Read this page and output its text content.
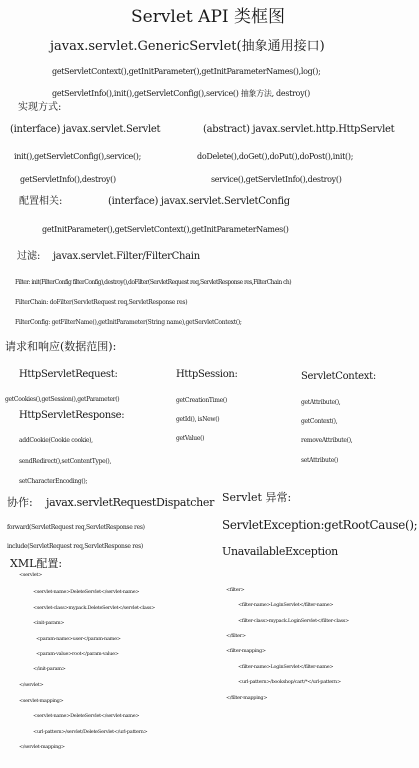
Servlet API 类框图
javax.servlet.GenericServlet(抽象通用接口)
getServletContext(),getInitParameter(),getInitParameterNames(),log();
getServletInfo(),init(),getServletConfig(),service() 抽象方法, destroy()
实现方式:
(interface) javax.servlet.Servlet	(abstract) javax.servlet.http.HttpServlet
init(),getServletConfig(),service();	doDelete(),doGet(),doPut(),doPost(),init();
getServletInfo(),destroy()	service(),getServletInfo(),destroy()
配置相关:	(interface) javax.servlet.ServletConfig
getInitParameter(),getServletContext(),getInitParameterNames()
过滤: javax.servlet.Filter/FilterChain
Filter: init(FilterConfig filterConfig),destroy(),doFilter(ServletRequest req,ServletResponse res,FilterChain ch)
FilterChain: doFilter(ServletRequest req,ServletResponse res)
FilterConfig: getFilterName(),getInitParameter(String name),getServletContext();
请求和响应(数据范围):
HttpServletRequest:
getCookies(),getSession(),getParameter()
HttpServletResponse:
addCookie(Cookie cookie),
sendRedirect(),setContentType(),
setCharacterEncoding();
HttpSession:
getCreationTime()
getId(), isNew()
getValue()
ServletContext:
getAttribute(),
getContext(),
removeAttribute(),
setAttribute()
协作: javax.servletRequestDispatcher
forward(ServletRequest req,ServletResponse res)
include(ServletRequest req,ServletResponse res)
Servlet 异常:
ServletException:getRootCause();
UnavailableException
XML配置:
<servlet>
<servlet-name>DeleteServlet</servlet-name>
<servlet-class>mypack.DeleteServlet</servlet-class>
<init-param>
<param-name>user</param-name>
<param-value>root</param-value>
</init-param>
</servlet>
<servlet-mapping>
<servlet-name>DeleteServlet</servlet-name>
<url-pattern>/servlet/DeleteServlet</url-pattern>
</servlet-mapping>
<filter>
<filter-name>LoginServlet</filter-name>
<filter-class>mypack.LoginServlet</filter-class>
</filter>
<filter-mapping>
<filter-name>LoginServlet</filter-name>
<url-pattern>/bookshop/cart/*</url-pattern>
</filter-mapping>
